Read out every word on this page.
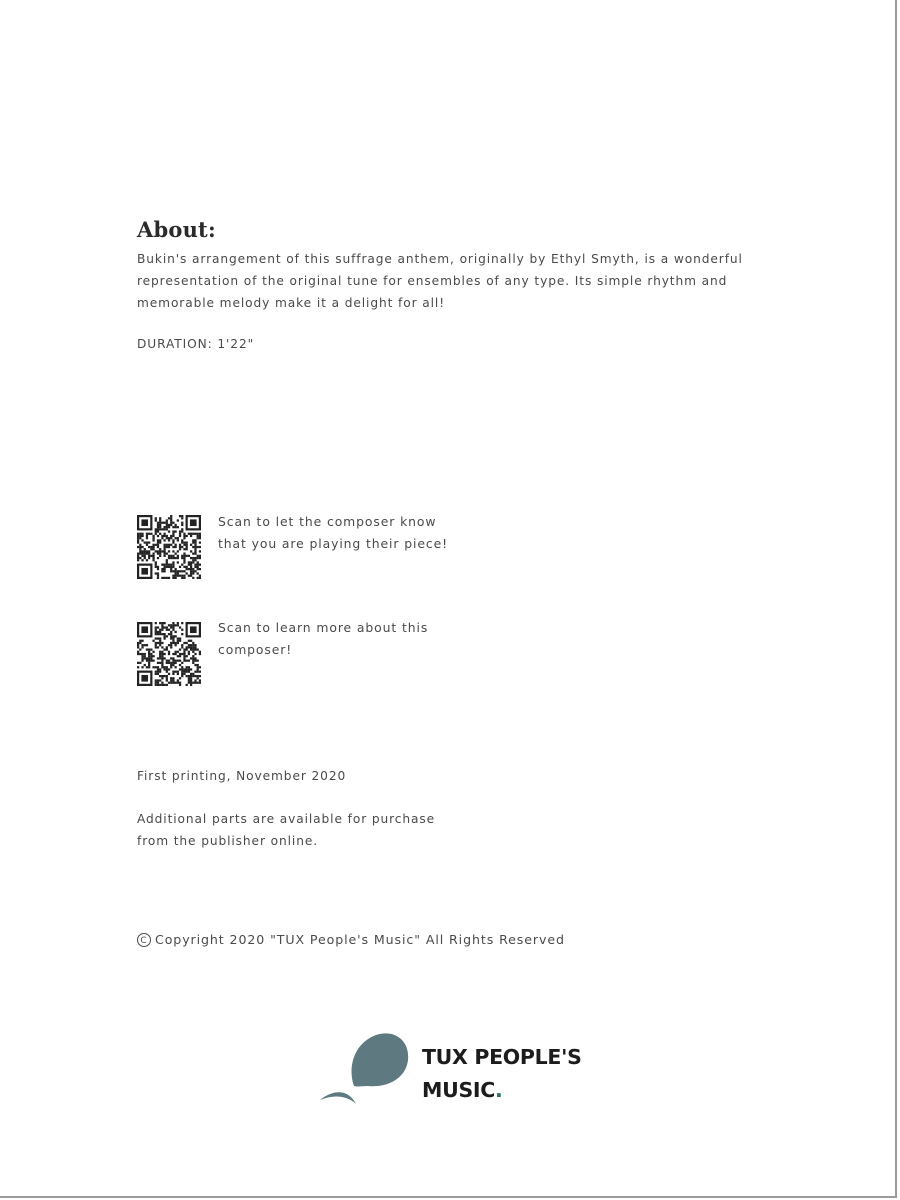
About:

Bukin's arrangement of this suffrage anthem, originally by Ethyl Smyth, is a wonderful representation of the original tune for ensembles of any type. Its simple rhythm and memorable melody make it a delight for all!

DURATION: 1'22"

Scan to let the composer know that you are playing their piece!

Scan to learn more about this composer!

First printing, November 2020

Additional parts are available for purchase from the publisher online.

C Copyright 2020 "TUX People's Music" All Rights Reserved
TUX PEOPLE'S
MUSIC.
